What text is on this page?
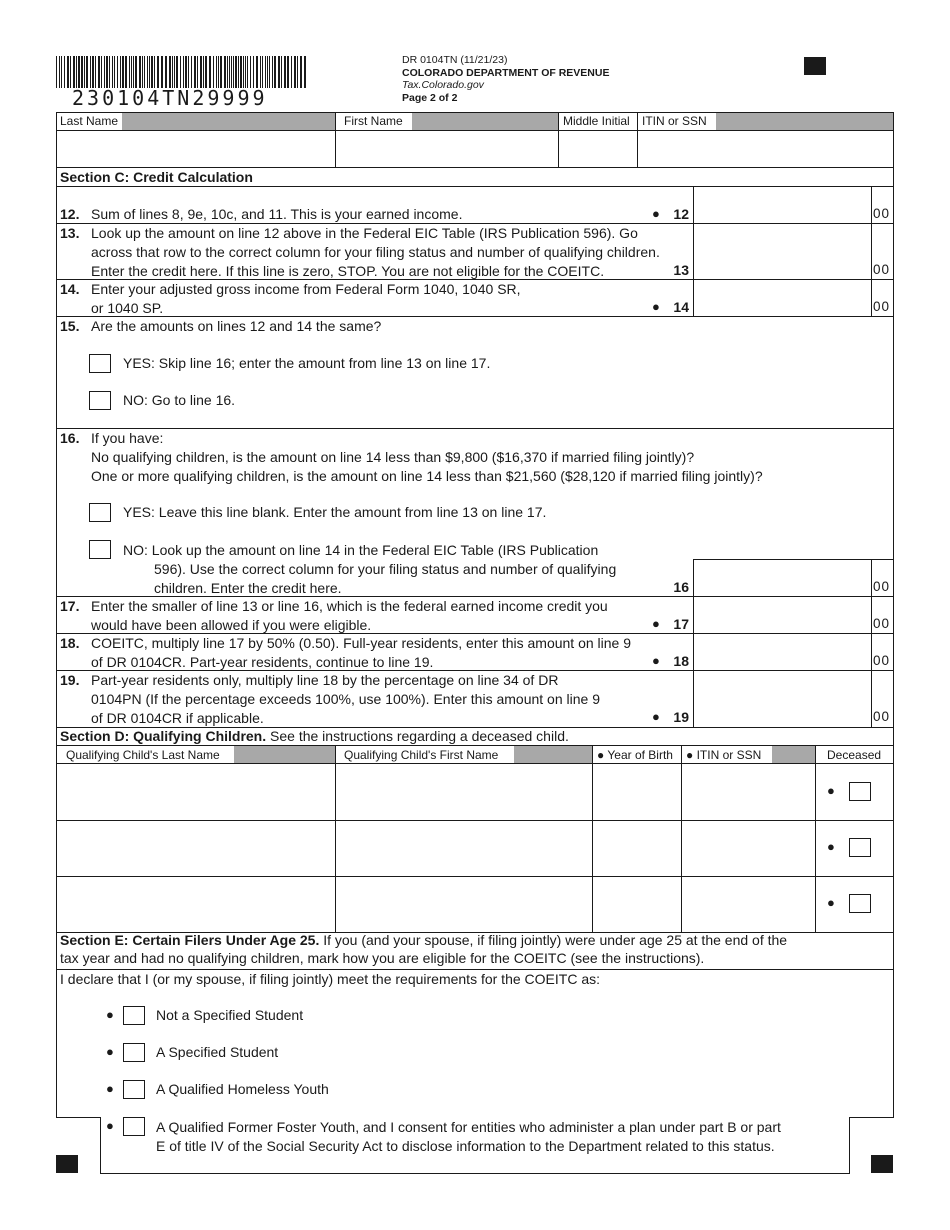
230104TN29999
DR 0104TN (11/21/23)
COLORADO DEPARTMENT OF REVENUE
Tax.Colorado.gov
Page 2 of 2
Last Name	First Name	Middle Initial ITIN or SSN
Section C: Credit Calculation
12. Sum of lines 8, 9e, 10c, and 11. This is your earned income.	● 12	00
13. Look up the amount on line 12 above in the Federal EIC Table (IRS Publication 596). Go
across that row to the correct column for your filing status and number of qualifying children.
Enter the credit here. If this line is zero, STOP. You are not eligible for the COEITC.	13	00
14. Enter your adjusted gross income from Federal Form 1040, 1040 SR,
or 1040 SP.	● 14	00
15. Are the amounts on lines 12 and 14 the same?
YES: Skip line 16; enter the amount from line 13 on line 17.
NO: Go to line 16.
16. If you have:
No qualifying children, is the amount on line 14 less than $9,800 ($16,370 if married filing jointly)?
One or more qualifying children, is the amount on line 14 less than $21,560 ($28,120 if married filing jointly)?
YES: Leave this line blank. Enter the amount from line 13 on line 17.
NO: Look up the amount on line 14 in the Federal EIC Table (IRS Publication
596). Use the correct column for your filing status and number of qualifying
children. Enter the credit here.	16	00
17. Enter the smaller of line 13 or line 16, which is the federal earned income credit you
would have been allowed if you were eligible.	● 17	00
18. COEITC, multiply line 17 by 50% (0.50). Full-year residents, enter this amount on line 9
of DR 0104CR. Part-year residents, continue to line 19.	● 18	00
19. Part-year residents only, multiply line 18 by the percentage on line 34 of DR
0104PN (If the percentage exceeds 100%, use 100%). Enter this amount on line 9
of DR 0104CR if applicable.	● 19	00
Section D: Qualifying Children. See the instructions regarding a deceased child.
Qualifying Child's Last Name	Qualifying Child's First Name	● Year of Birth ● ITIN or SSN	Deceased
●
●
●
Section E: Certain Filers Under Age 25. If you (and your spouse, if filing jointly) were under age 25 at the end of the
tax year and had no qualifying children, mark how you are eligible for the COEITC (see the instructions).
I declare that I (or my spouse, if filing jointly) meet the requirements for the COEITC as:
●	Not a Specified Student
●	A Specified Student
●	A Qualified Homeless Youth
●	A Qualified Former Foster Youth, and I consent for entities who administer a plan under part B or part
E of title IV of the Social Security Act to disclose information to the Department related to this status.
